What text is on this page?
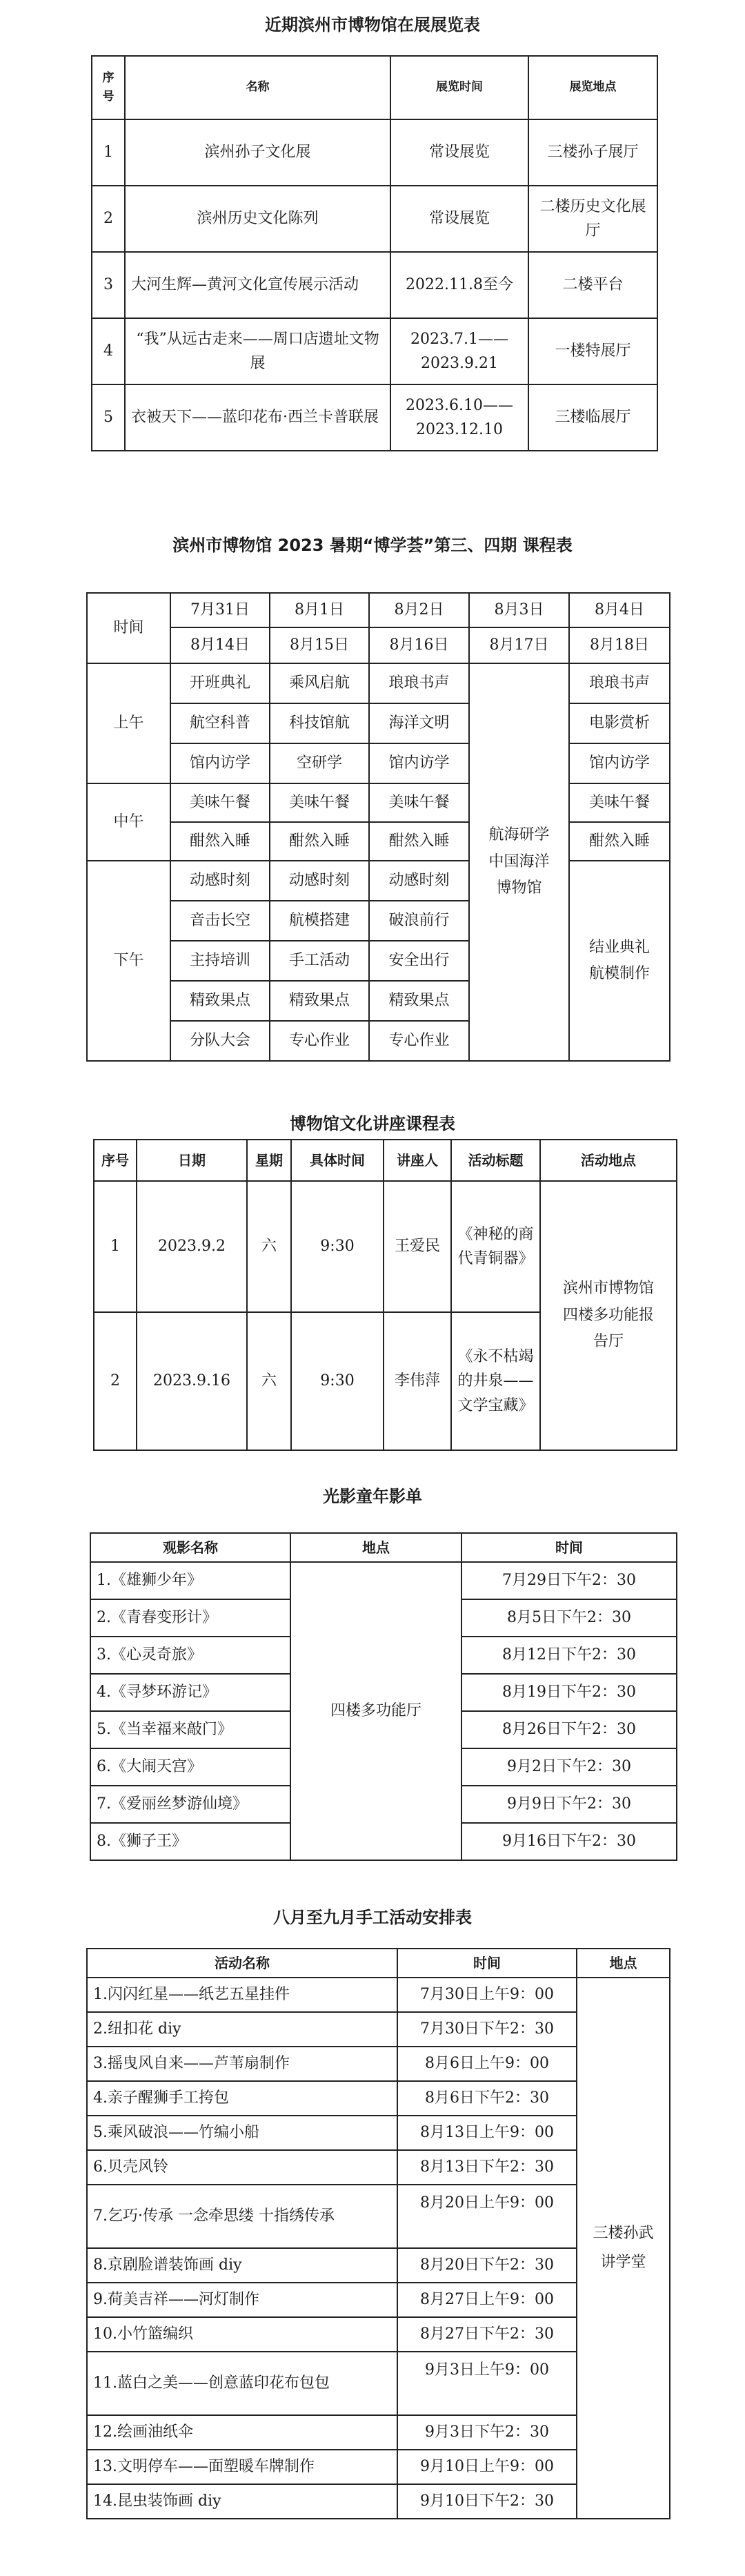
近期滨州市博物馆在展展览表
序号	名称	展览时间	展览地点
1	滨州孙子文化展	常设展览	三楼孙子展厅
2	滨州历史文化陈列	常设展览	二楼历史文化展厅
3	大河生辉—黄河文化宣传展示活动	2022.11.8至今	二楼平台
4	“我”从远古走来——周口店遗址文物展	2023.7.1——2023.9.21	一楼特展厅
5	衣被天下——蓝印花布·西兰卡普联展	2023.6.10——2023.12.10	三楼临展厅
滨州市博物馆 2023 暑期“博学荟”第三、四期 课程表
时间	7月31日	8月1日	8月2日	8月3日	8月4日
	8月14日	8月15日	8月16日	8月17日	8月18日
上午	开班典礼	乘风启航	琅琅书声	航海研学中国海洋博物馆	琅琅书声
	航空科普	科技馆航	海洋文明		电影赏析
	馆内访学	空研学	馆内访学		馆内访学
中午	美味午餐	美味午餐	美味午餐		美味午餐
	酣然入睡	酣然入睡	酣然入睡		酣然入睡
下午	动感时刻	动感时刻	动感时刻		结业典礼航模制作

	音击长空	航模搭建	破浪前行		
	主持培训	手工活动	安全出行		
	精致果点	精致果点	精致果点		
	分队大会	专心作业	专心作业		
博物馆文化讲座课程表
序号	日期	星期	具体时间	讲座人	活动标题	活动地点
1	2023.9.2	六	9:30	王爱民	《神秘的商代青铜器》	滨州市博物馆四楼多功能报告厅
2	2023.9.16	六	9:30	李伟萍	《永不枯竭的井泉——文学宝藏》	
光影童年影单
观影名称	地点	时间
1.《雄狮少年》	四楼多功能厅	7月29日下午2：30
2.《青春变形计》		8月5日下午2：30
3.《心灵奇旅》		8月12日下午2：30
4.《寻梦环游记》		8月19日下午2：30
5.《当幸福来敲门》		8月26日下午2：30
6.《大闹天宫》		9月2日下午2：30
7.《爱丽丝梦游仙境》		9月9日下午2：30
8.《狮子王》		9月16日下午2：30
八月至九月手工活动安排表
活动名称	时间	地点
1.闪闪红星——纸艺五星挂件	7月30日上午9：00	三楼孙武讲学堂
2.纽扣花 diy	7月30日下午2：30	
3.摇曳风自来——芦苇扇制作	8月6日上午9：00	
4.亲子醒狮手工挎包	8月6日下午2：30	
5.乘风破浪——竹编小船	8月13日上午9：00	
6.贝壳风铃	8月13日下午2：30	
7.乞巧·传承 一念牵思缕 十指绣传承	8月20日上午9：00	
8.京剧脸谱装饰画 diy	8月20日下午2：30	
9.荷美吉祥——河灯制作	8月27日上午9：00	
10.小竹篮编织	8月27日下午2：30	
11.蓝白之美——创意蓝印花布包包	9月3日上午9：00	
12.绘画油纸伞	9月3日下午2：30	
13.文明停车——面塑暖车牌制作	9月10日上午9：00	
14.昆虫装饰画 diy	9月10日下午2：30	
